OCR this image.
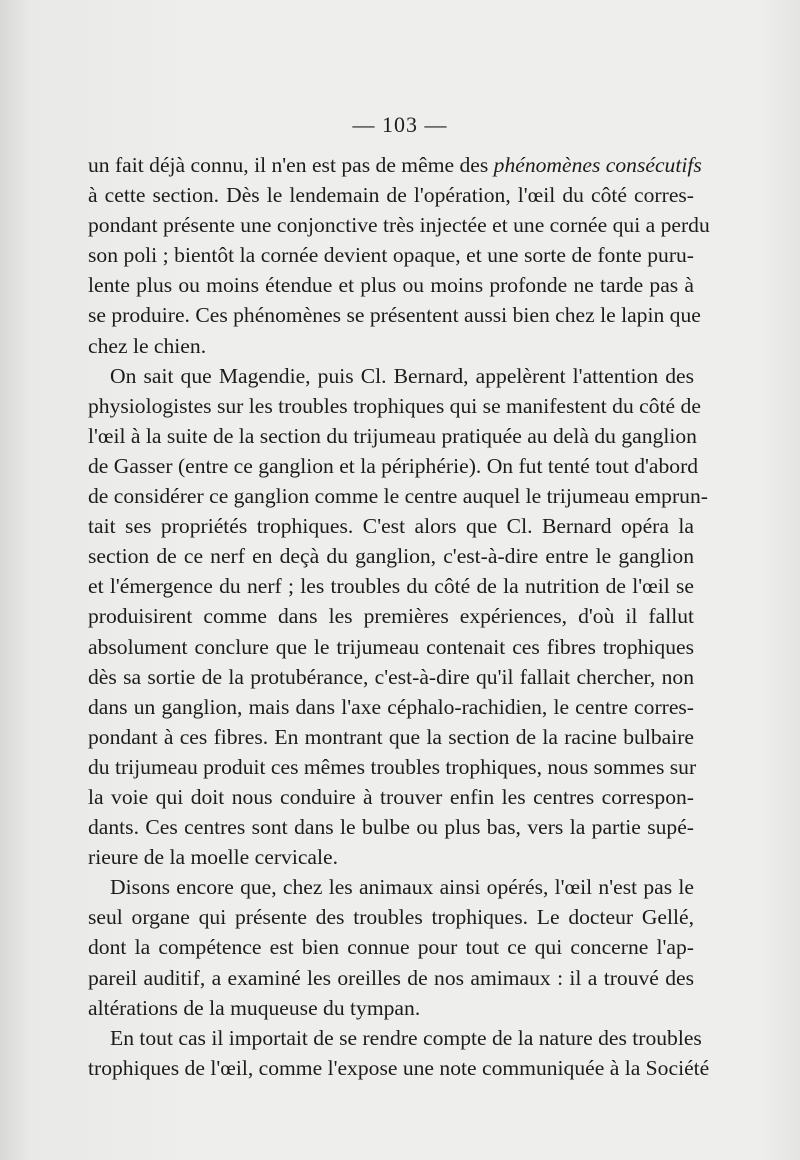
— 103 —
un fait déjà connu, il n'en est pas de même des phénomènes consécutifs
à cette section. Dès le lendemain de l'opération, l'œil du côté corres-
pondant présente une conjonctive très injectée et une cornée qui a perdu
son poli ; bientôt la cornée devient opaque, et une sorte de fonte puru-
lente plus ou moins étendue et plus ou moins profonde ne tarde pas à
se produire. Ces phénomènes se présentent aussi bien chez le lapin que
chez le chien.
On sait que Magendie, puis Cl. Bernard, appelèrent l'attention des
physiologistes sur les troubles trophiques qui se manifestent du côté de
l'œil à la suite de la section du trijumeau pratiquée au delà du ganglion
de Gasser (entre ce ganglion et la périphérie). On fut tenté tout d'abord
de considérer ce ganglion comme le centre auquel le trijumeau emprun-
tait ses propriétés trophiques. C'est alors que Cl. Bernard opéra la
section de ce nerf en deçà du ganglion, c'est-à-dire entre le ganglion
et l'émergence du nerf ; les troubles du côté de la nutrition de l'œil se
produisirent comme dans les premières expériences, d'où il fallut
absolument conclure que le trijumeau contenait ces fibres trophiques
dès sa sortie de la protubérance, c'est-à-dire qu'il fallait chercher, non
dans un ganglion, mais dans l'axe céphalo-rachidien, le centre corres-
pondant à ces fibres. En montrant que la section de la racine bulbaire
du trijumeau produit ces mêmes troubles trophiques, nous sommes sur
la voie qui doit nous conduire à trouver enfin les centres correspon-
dants. Ces centres sont dans le bulbe ou plus bas, vers la partie supé-
rieure de la moelle cervicale.
Disons encore que, chez les animaux ainsi opérés, l'œil n'est pas le
seul organe qui présente des troubles trophiques. Le docteur Gellé,
dont la compétence est bien connue pour tout ce qui concerne l'ap-
pareil auditif, a examiné les oreilles de nos amimaux : il a trouvé des
altérations de la muqueuse du tympan.
En tout cas il importait de se rendre compte de la nature des troubles
trophiques de l'œil, comme l'expose une note communiquée à la Société
